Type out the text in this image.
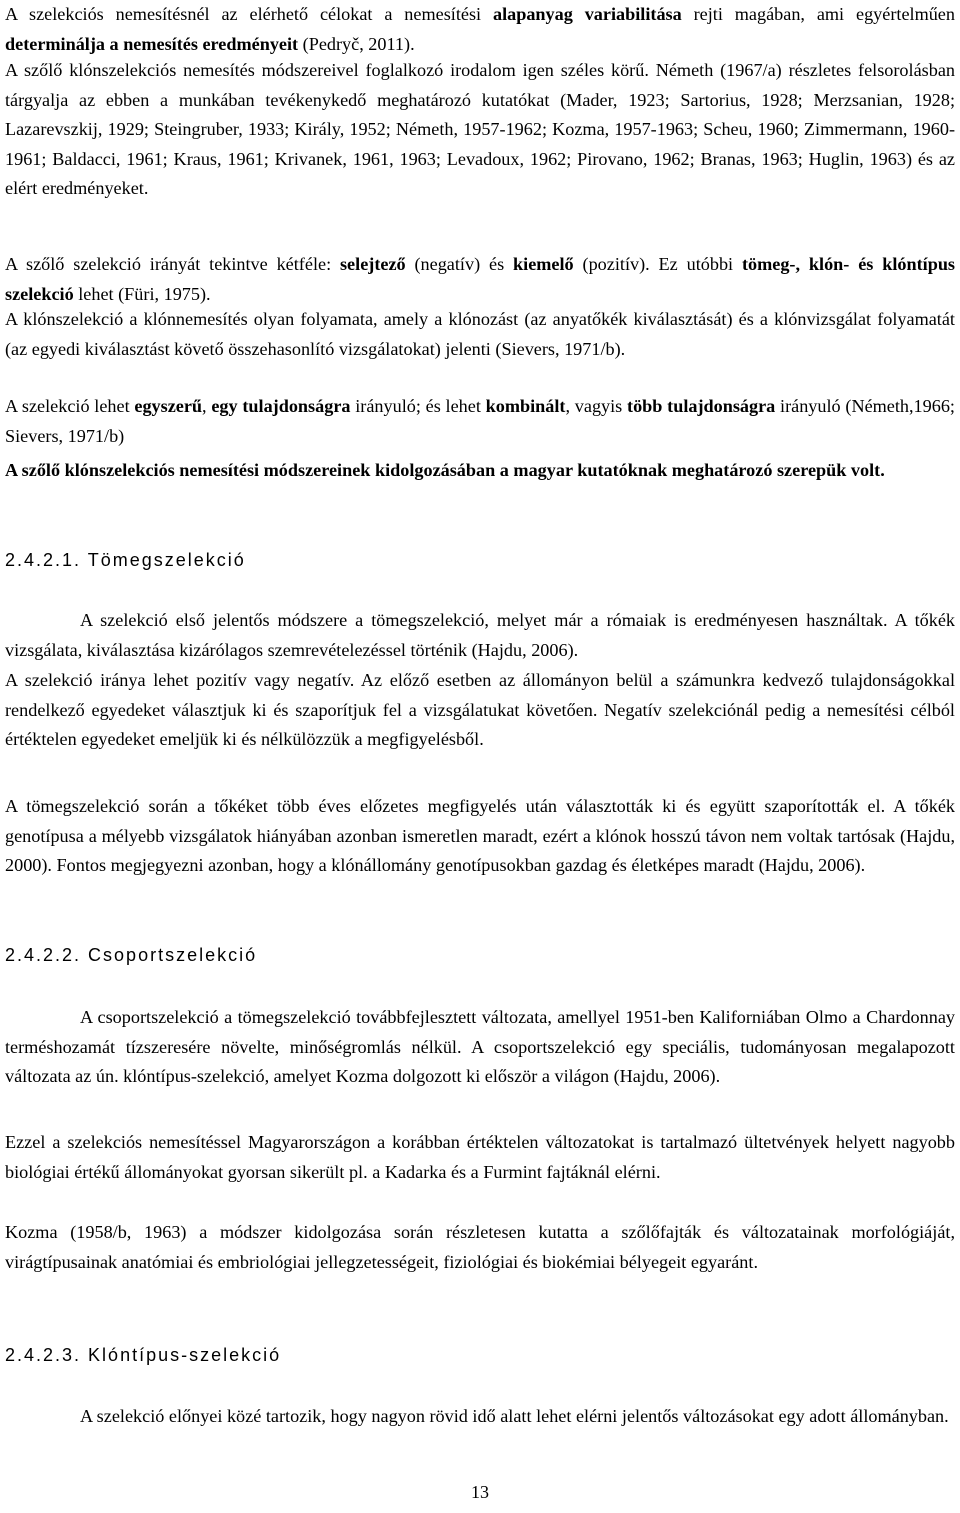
A szelekciós nemesítésnél az elérhető célokat a nemesítési alapanyag variabilitása rejti magában, ami egyértelműen determinálja a nemesítés eredményeit (Pedryč, 2011).

A szőlő klónszelekciós nemesítés módszereivel foglalkozó irodalom igen széles körű. Németh (1967/a) részletes felsorolásban tárgyalja az ebben a munkában tevékenykedő meghatározó kutatókat (Mader, 1923; Sartorius, 1928; Merzsanian, 1928; Lazarevszkij, 1929; Steingruber, 1933; Király, 1952; Németh, 1957-1962; Kozma, 1957-1963; Scheu, 1960; Zimmermann, 1960-1961; Baldacci, 1961; Kraus, 1961; Krivanek, 1961, 1963; Levadoux, 1962; Pirovano, 1962; Branas, 1963; Huglin, 1963) és az elért eredményeket.

A szőlő szelekció irányát tekintve kétféle: selejtező (negatív) és kiemelő (pozitív). Ez utóbbi tömeg-, klón- és klóntípus szelekció lehet (Füri, 1975).

A klónszelekció a klónnemesítés olyan folyamata, amely a klónozást (az anyatőkék kiválasztását) és a klónvizsgálat folyamatát (az egyedi kiválasztást követő összehasonlító vizsgálatokat) jelenti (Sievers, 1971/b).

A szelekció lehet egyszerű, egy tulajdonságra irányuló; és lehet kombinált, vagyis több tulajdonságra irányuló (Németh,1966; Sievers, 1971/b)

A szőlő klónszelekciós nemesítési módszereinek kidolgozásában a magyar kutatóknak meghatározó szerepük volt.

2.4.2.1. Tömegszelekció

A szelekció első jelentős módszere a tömegszelekció, melyet már a rómaiak is eredményesen használtak. A tőkék vizsgálata, kiválasztása kizárólagos szemrevételezéssel történik (Hajdu, 2006).

A szelekció iránya lehet pozitív vagy negatív. Az előző esetben az állományon belül a számunkra kedvező tulajdonságokkal rendelkező egyedeket választjuk ki és szaporítjuk fel a vizsgálatukat követően. Negatív szelekciónál pedig a nemesítési célból értéktelen egyedeket emeljük ki és nélkülözzük a megfigyelésből.

A tömegszelekció során a tőkéket több éves előzetes megfigyelés után választották ki és együtt szaporították el. A tőkék genotípusa a mélyebb vizsgálatok hiányában azonban ismeretlen maradt, ezért a klónok hosszú távon nem voltak tartósak (Hajdu, 2000). Fontos megjegyezni azonban, hogy a klónállomány genotípusokban gazdag és életképes maradt (Hajdu, 2006).

2.4.2.2. Csoportszelekció

A csoportszelekció a tömegszelekció továbbfejlesztett változata, amellyel 1951-ben Kaliforniában Olmo a Chardonnay terméshozamát tízszeresére növelte, minőségromlás nélkül. A csoportszelekció egy speciális, tudományosan megalapozott változata az ún. klóntípus-szelekció, amelyet Kozma dolgozott ki először a világon (Hajdu, 2006).

Ezzel a szelekciós nemesítéssel Magyarországon a korábban értéktelen változatokat is tartalmazó ültetvények helyett nagyobb biológiai értékű állományokat gyorsan sikerült pl. a Kadarka és a Furmint fajtáknál elérni.

Kozma (1958/b, 1963) a módszer kidolgozása során részletesen kutatta a szőlőfajták és változatainak morfológiáját, virágtípusainak anatómiai és embriológiai jellegzetességeit, fiziológiai és biokémiai bélyegeit egyaránt.

2.4.2.3. Klóntípus-szelekció

A szelekció előnyei közé tartozik, hogy nagyon rövid idő alatt lehet elérni jelentős változásokat egy adott állományban.

13
